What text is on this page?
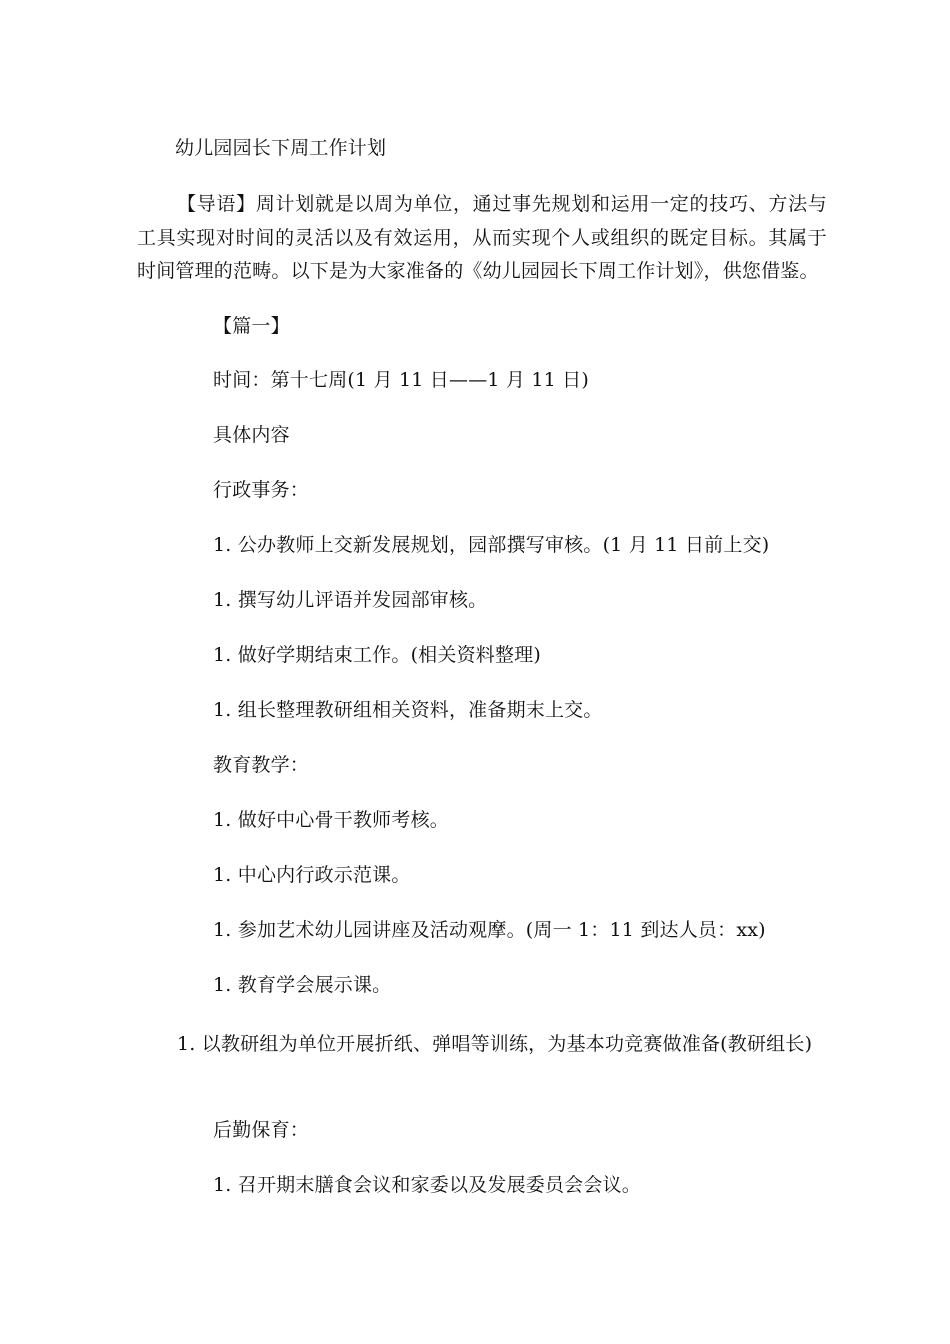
幼儿园园长下周工作计划
【导语】周计划就是以周为单位，通过事先规划和运用一定的技巧、方法与工具实现对时间的灵活以及有效运用，从而实现个人或组织的既定目标。其属于时间管理的范畴。以下是为大家准备的《幼儿园园长下周工作计划》，供您借鉴。
【篇一】
时间：第十七周(1 月 11 日——1 月 11 日)
具体内容
行政事务：
1. 公办教师上交新发展规划，园部撰写审核。(1 月 11 日前上交)
1. 撰写幼儿评语并发园部审核。
1. 做好学期结束工作。(相关资料整理)
1. 组长整理教研组相关资料，准备期末上交。
教育教学：
1. 做好中心骨干教师考核。
1. 中心内行政示范课。
1. 参加艺术幼儿园讲座及活动观摩。(周一 1：11 到达人员：xx)
1. 教育学会展示课。
1. 以教研组为单位开展折纸、弹唱等训练，为基本功竞赛做准备(教研组长)
后勤保育：
1. 召开期末膳食会议和家委以及发展委员会会议。
